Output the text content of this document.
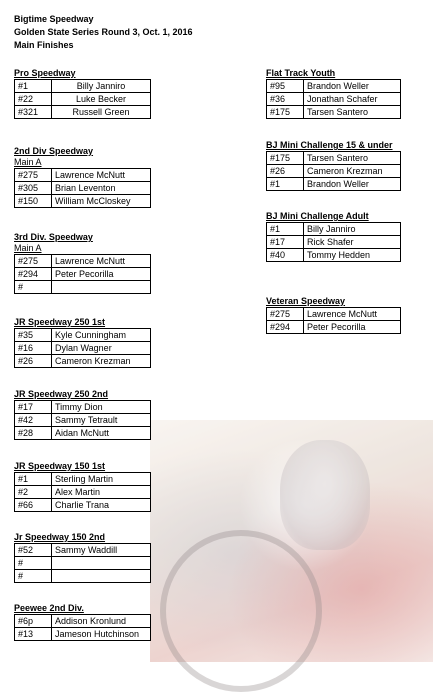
Bigtime Speedway
Golden State Series Round 3, Oct. 1, 2016
Main Finishes
Pro Speedway
#1	Billy Janniro
#22	Luke Becker
#321	Russell Green
2nd Div Speedway
Main A
#275	Lawrence McNutt
#305	Brian Leventon
#150	William McCloskey
3rd Div. Speedway
Main A
#275	Lawrence McNutt
#294	Peter Pecorilla
#	
JR Speedway 250 1st
#35	Kyle Cunningham
#16	Dylan Wagner
#26	Cameron Krezman
JR Speedway 250 2nd
#17	Timmy Dion
#42	Sammy Tetrault
#28	Aidan McNutt
JR Speedway 150 1st
#1	Sterling Martin
#2	Alex Martin
#66	Charlie Trana
Jr Speedway 150 2nd
#52	Sammy Waddill
#	
#	
Peewee 2nd Div.
#6p	Addison Kronlund
#13	Jameson Hutchinson
Flat Track Youth
#95	Brandon Weller
#36	Jonathan Schafer
#175	Tarsen Santero
BJ Mini Challenge 15 & under
#175	Tarsen Santero
#26	Cameron Krezman
#1	Brandon Weller
BJ Mini Challenge Adult
#1	Billy Janniro
#17	Rick Shafer
#40	Tommy Hedden
Veteran Speedway
#275	Lawrence McNutt
#294	Peter Pecorilla
